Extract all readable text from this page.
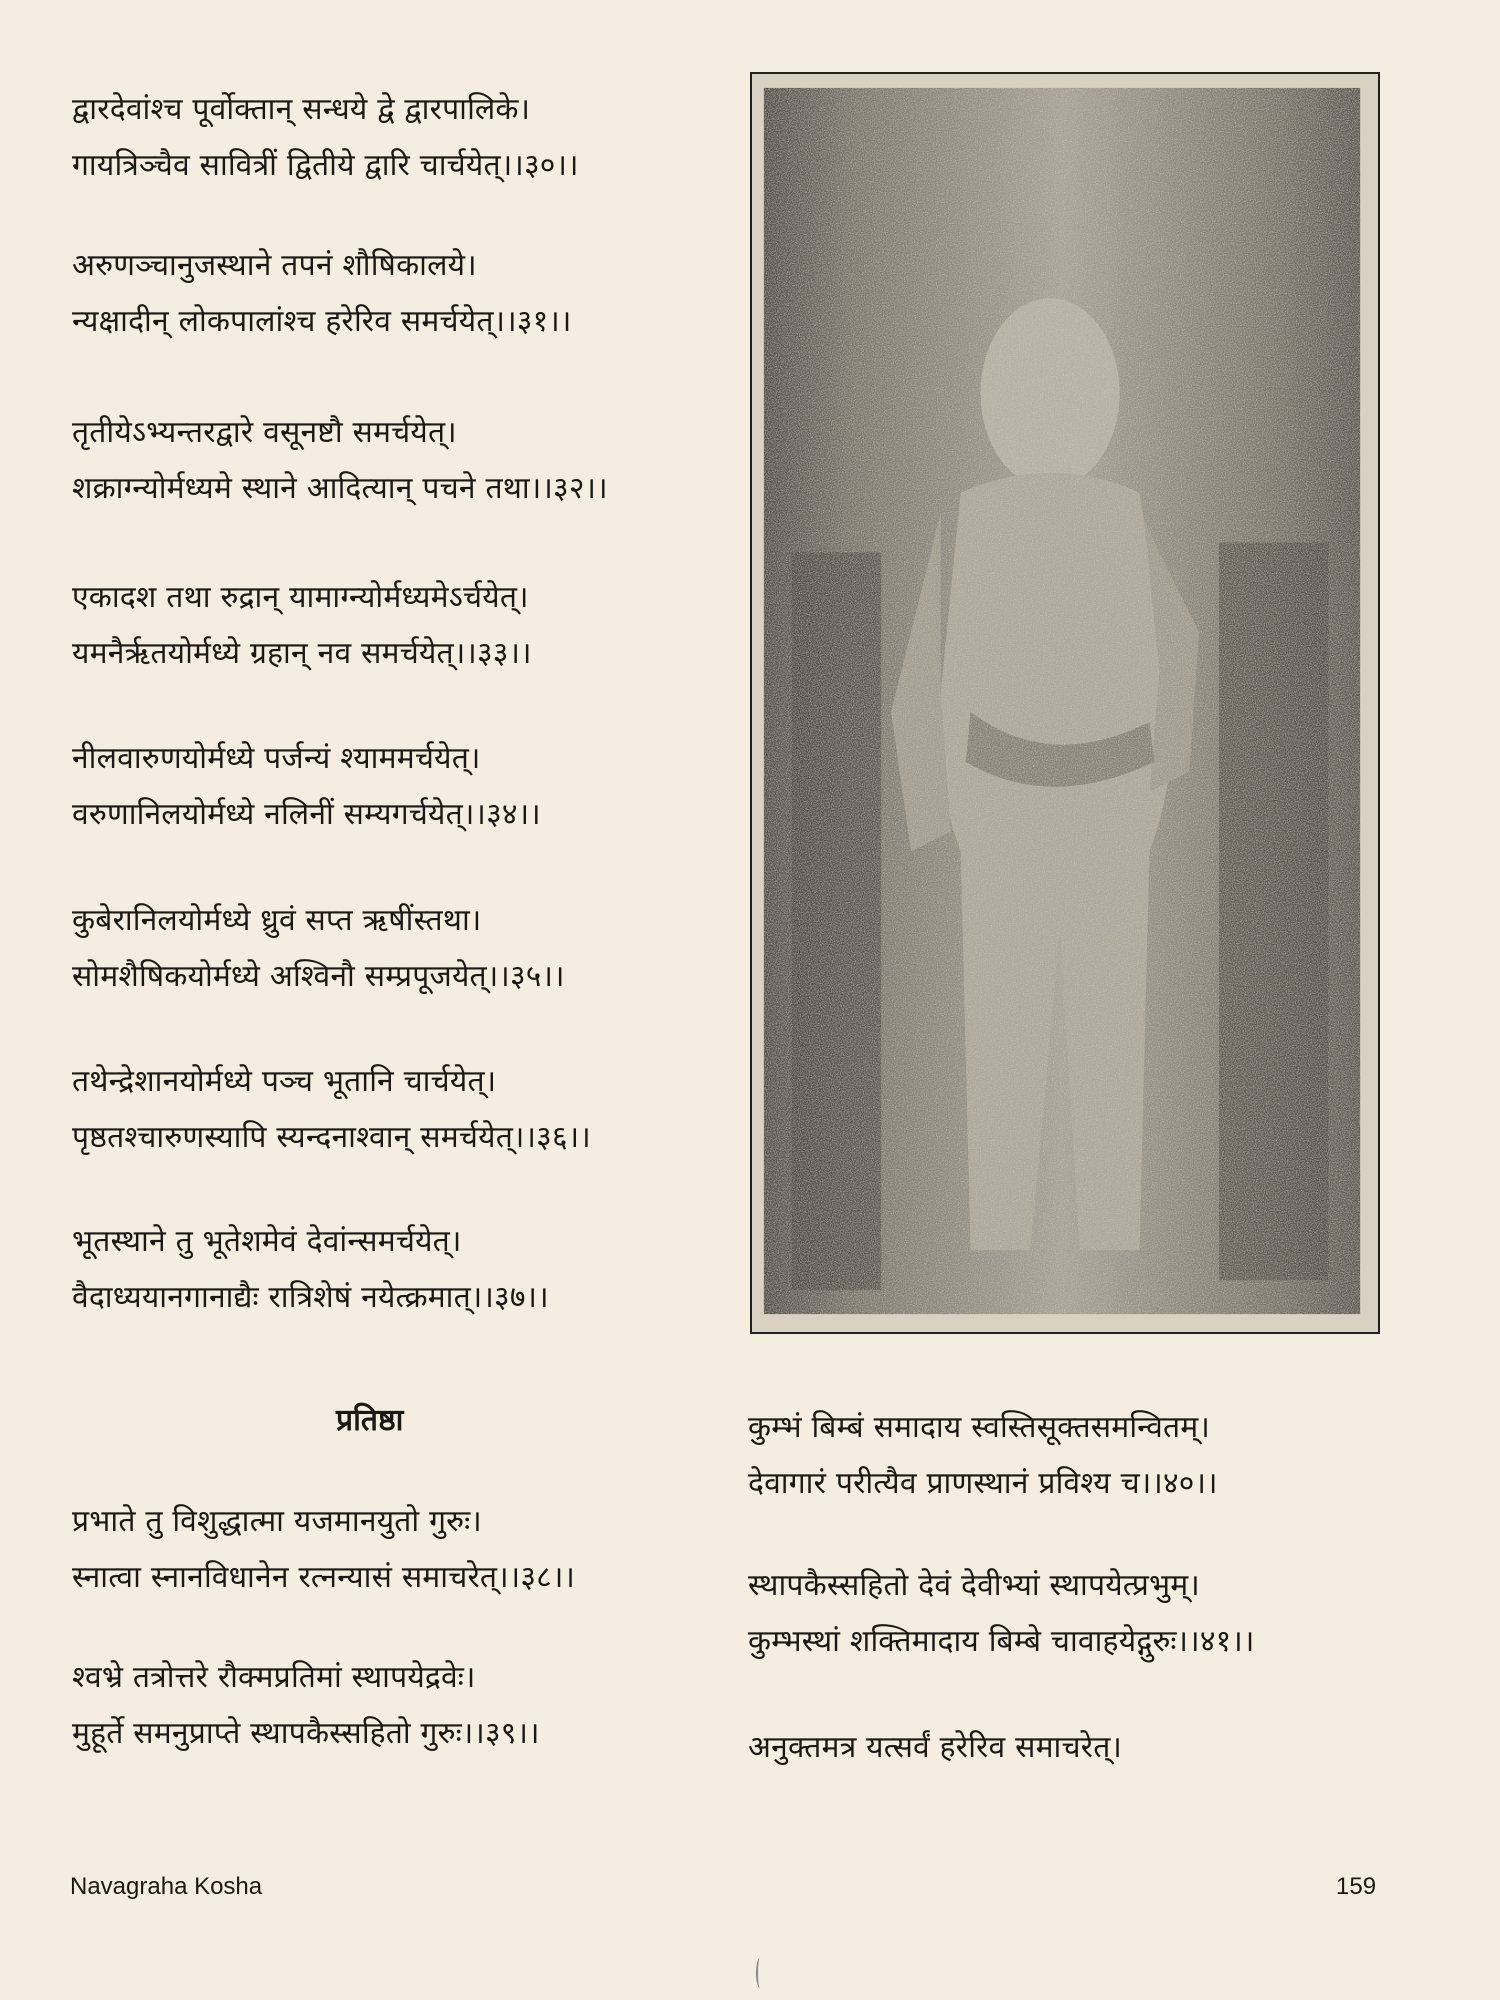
द्वारदेवांश्च पूर्वोक्तान् सन्धये द्वे द्वारपालिके।
गायत्रिञ्चैव सावित्रीं द्वितीये द्वारि चार्चयेत्।।३०।।
अरुणञ्चानुजस्थाने तपनं शौषिकालये।
न्यक्षादीन् लोकपालांश्च हरेरिव समर्चयेत्।।३१।।
तृतीयेऽभ्यन्तरद्वारे वसूनष्टौ समर्चयेत्।
शक्राग्न्योर्मध्यमे स्थाने आदित्यान् पचने तथा।।३२।।
एकादश तथा रुद्रान् यामाग्न्योर्मध्यमेऽर्चयेत्।
यमनैर्ऋतयोर्मध्ये ग्रहान् नव समर्चयेत्।।३३।।
नीलवारुणयोर्मध्ये पर्जन्यं श्याममर्चयेत्।
वरुणानिलयोर्मध्ये नलिनीं सम्यगर्चयेत्।।३४।।
कुबेरानिलयोर्मध्ये ध्रुवं सप्त ऋषींस्तथा।
सोमशैषिकयोर्मध्ये अश्विनौ सम्प्रपूजयेत्।।३५।।
तथेन्द्रेशानयोर्मध्ये पञ्च भूतानि चार्चयेत्।
पृष्ठतश्चारुणस्यापि स्यन्दनाश्वान् समर्चयेत्।।३६।।
भूतस्थाने तु भूतेशमेवं देवांन्समर्चयेत्।
वैदाध्ययानगानाद्यैः रात्रिशेषं नयेत्क्रमात्।।३७।।
प्रतिष्ठा
प्रभाते तु विशुद्धात्मा यजमानयुतो गुरुः।
स्नात्वा स्नानविधानेन रत्नन्यासं समाचरेत्।।३८।।
श्वभ्रे तत्रोत्तरे रौक्मप्रतिमां स्थापयेद्रवेः।
मुहूर्ते समनुप्राप्ते स्थापकैस्सहितो गुरुः।।३९।।
कुम्भं बिम्बं समादाय स्वस्तिसूक्तसमन्वितम्।
देवागारं परीत्यैव प्राणस्थानं प्रविश्य च।।४०।।
स्थापकैस्सहितो देवं देवीभ्यां स्थापयेत्प्रभुम्।
कुम्भस्थां शक्तिमादाय बिम्बे चावाहयेद्गुरुः।।४१।।
अनुक्तमत्र यत्सर्वं हरेरिव समाचरेत्।
Navagraha Kosha	159
